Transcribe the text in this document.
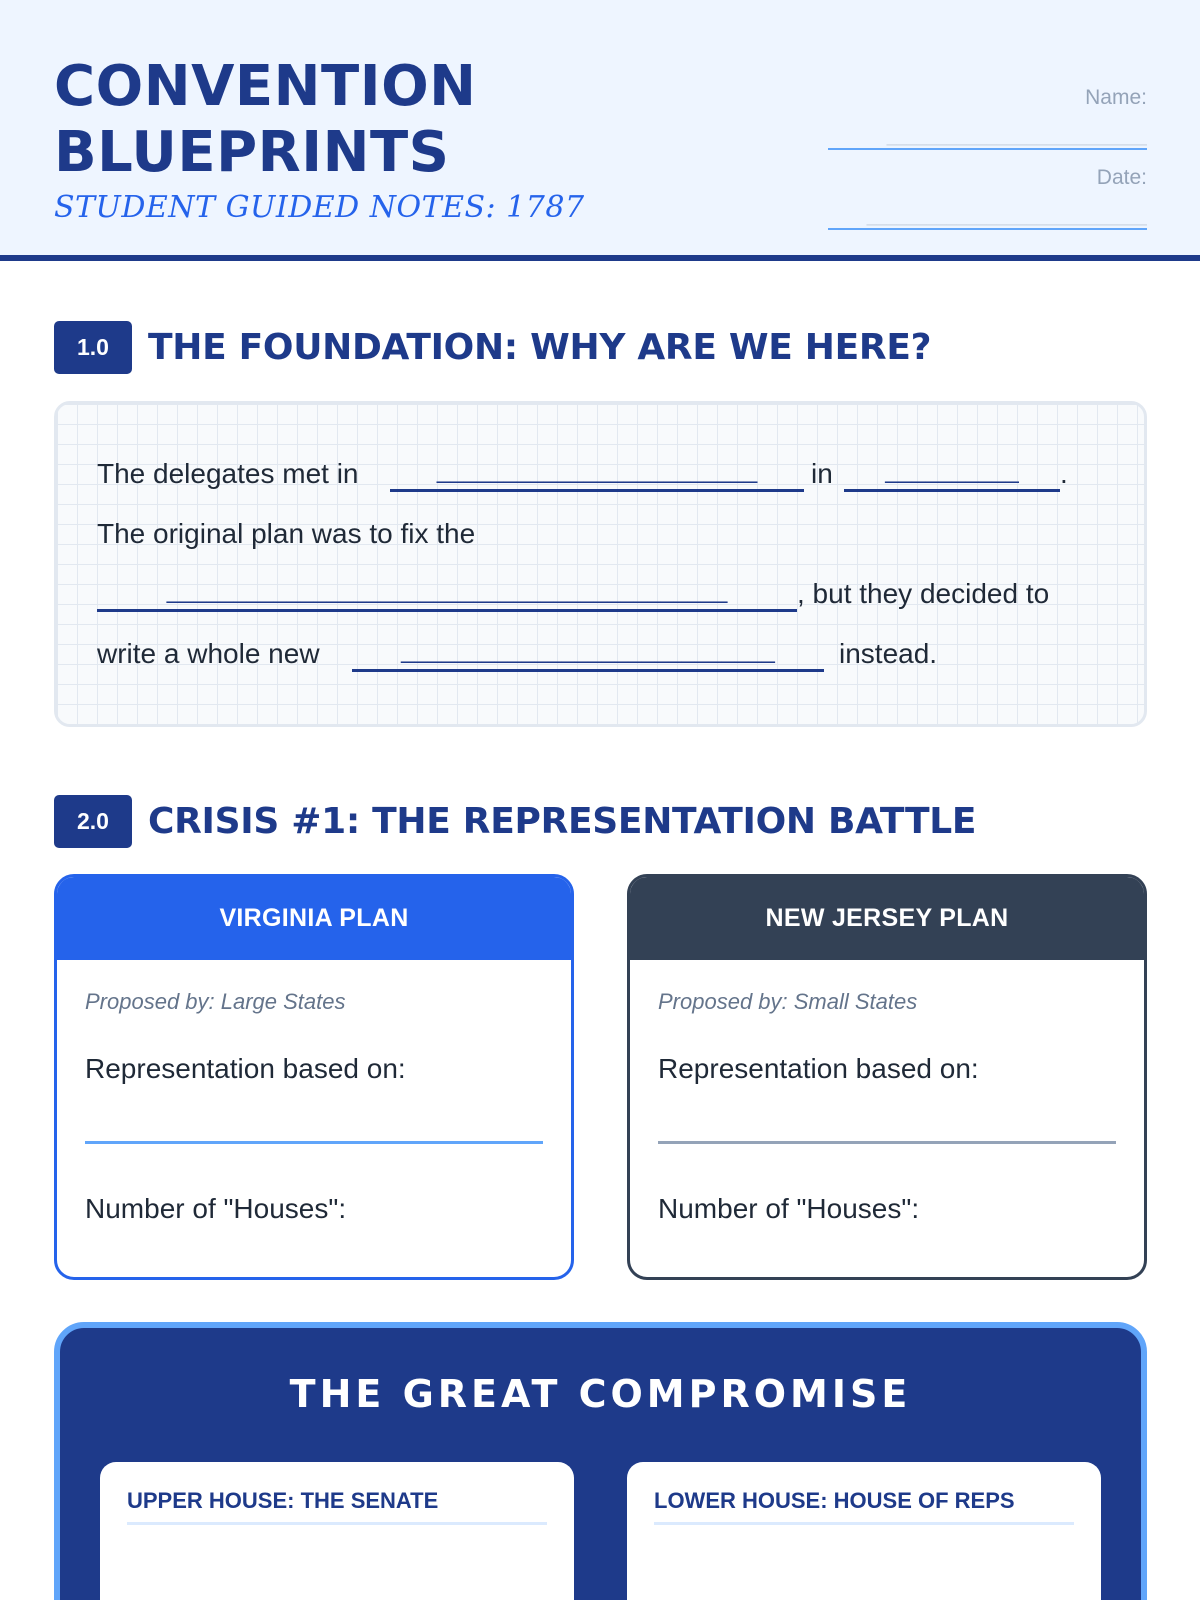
CONVENTION
BLUEPRINTS
STUDENT GUIDED NOTES: 1787
Name:
__________________________
Date:
____________________________
1.0	THE FOUNDATION: WHY ARE WE HERE?
The delegates met in	________________________	in	__________	.
The original plan was to fix the
__________________________________________	, but they decided to
write a whole new	____________________________	instead.
2.0	CRISIS #1: THE REPRESENTATION BATTLE
VIRGINIA PLAN
Proposed by: Large States
Representation based on:
Number of "Houses":
NEW JERSEY PLAN
Proposed by: Small States
Representation based on:
Number of "Houses":
THE GREAT COMPROMISE
UPPER HOUSE: THE SENATE	LOWER HOUSE: HOUSE OF REPS
